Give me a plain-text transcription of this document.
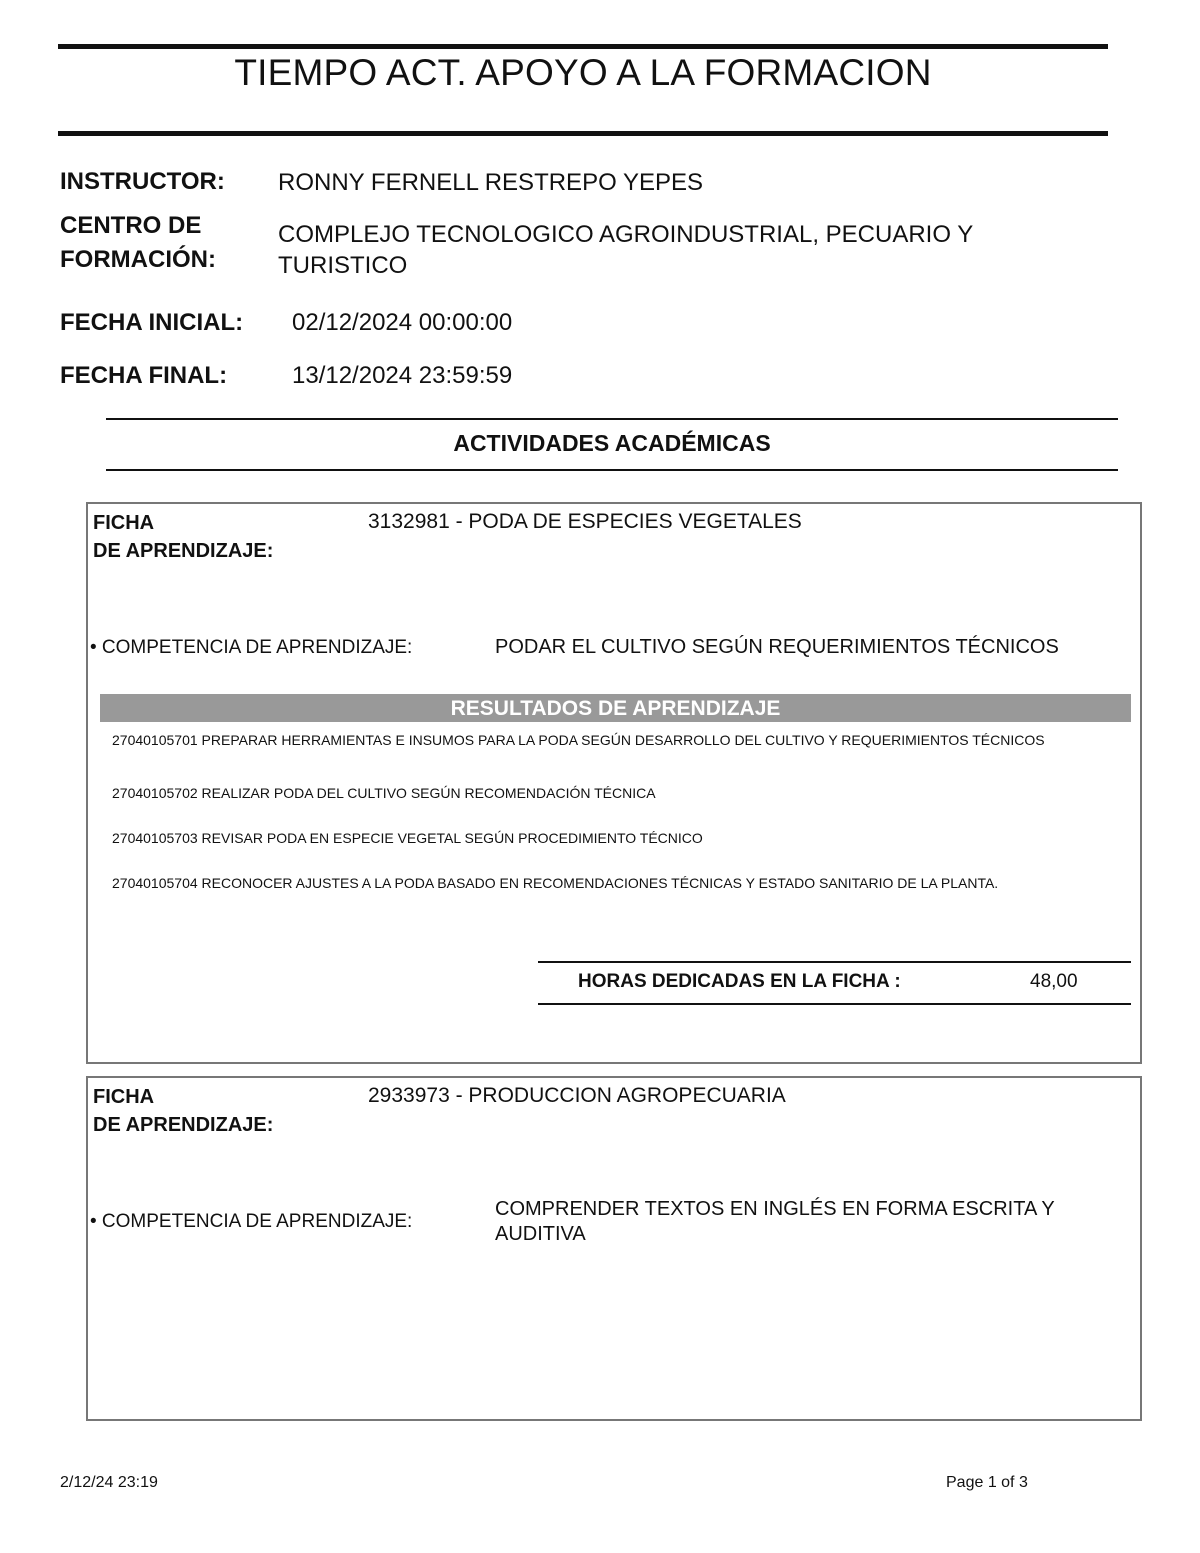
TIEMPO ACT. APOYO A LA FORMACION
INSTRUCTOR: RONNY FERNELL RESTREPO YEPES
CENTRO DE
FORMACIÓN:
COMPLEJO TECNOLOGICO AGROINDUSTRIAL, PECUARIO Y
TURISTICO
FECHA INICIAL: 02/12/2024 00:00:00
FECHA FINAL:	13/12/2024 23:59:59
ACTIVIDADES ACADÉMICAS
FICHA
DE APRENDIZAJE:
3132981 - PODA DE ESPECIES VEGETALES
• COMPETENCIA DE APRENDIZAJE:	PODAR EL CULTIVO SEGÚN REQUERIMIENTOS TÉCNICOS
RESULTADOS DE APRENDIZAJE
27040105701 PREPARAR HERRAMIENTAS E INSUMOS PARA LA PODA SEGÚN DESARROLLO DEL CULTIVO Y REQUERIMIENTOS TÉCNICOS
27040105702 REALIZAR PODA DEL CULTIVO SEGÚN RECOMENDACIÓN TÉCNICA
27040105703 REVISAR PODA EN ESPECIE VEGETAL SEGÚN PROCEDIMIENTO TÉCNICO
27040105704 RECONOCER AJUSTES A LA PODA BASADO EN RECOMENDACIONES TÉCNICAS Y ESTADO SANITARIO DE LA PLANTA.
HORAS DEDICADAS EN LA FICHA :	48,00
FICHA
DE APRENDIZAJE:
2933973 - PRODUCCION AGROPECUARIA
• COMPETENCIA DE APRENDIZAJE:
COMPRENDER TEXTOS EN INGLÉS EN FORMA ESCRITA Y
AUDITIVA
2/12/24 23:19	Page 1 of 3
